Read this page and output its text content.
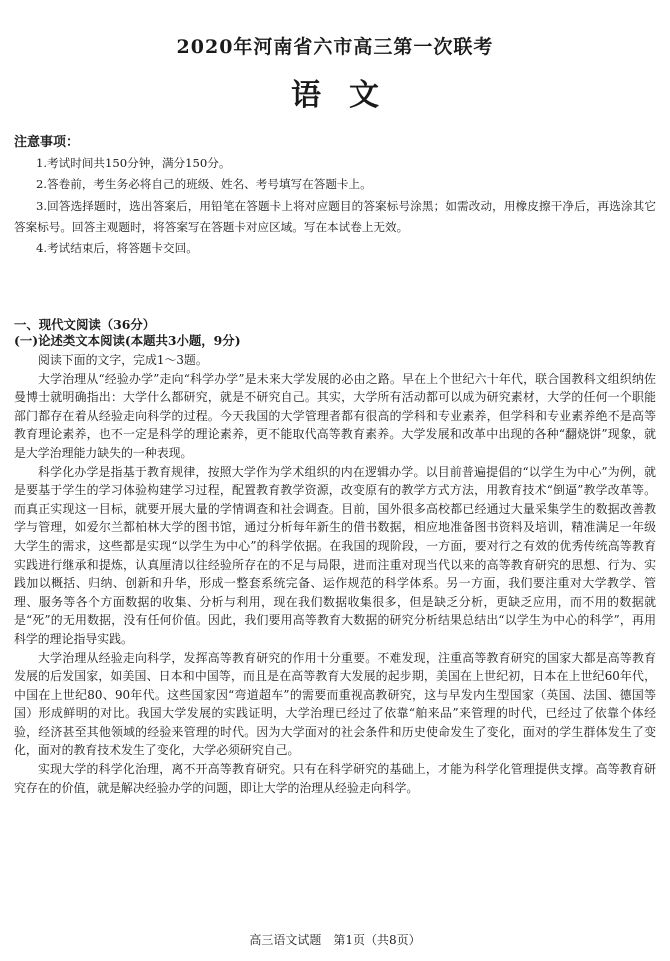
2020年河南省六市高三第一次联考
语文
注意事项：
1.考试时间共150分钟，满分150分。
2.答卷前，考生务必将自己的班级、姓名、考号填写在答题卡上。
3.回答选择题时，选出答案后，用铅笔在答题卡上将对应题目的答案标号涂黑；如需改动，用橡皮擦干净后，再选涂其它答案标号。回答主观题时，将答案写在答题卡对应区域。写在本试卷上无效。
4.考试结束后，将答题卡交回。
一、现代文阅读（36分）
(一)论述类文本阅读(本题共3小题，9分)

阅读下面的文字，完成1～3题。

大学治理从“经验办学”走向“科学办学”是未来大学发展的必由之路。早在上个世纪六十年代，联合国教科文组织纳佐曼博士就明确指出：大学什么都研究，就是不研究自己。其实，大学所有活动都可以成为研究素材，大学的任何一个职能部门都存在着从经验走向科学的过程。今天我国的大学管理者都有很高的学科和专业素养，但学科和专业素养绝不是高等教育理论素养，也不一定是科学的理论素养，更不能取代高等教育素养。大学发展和改革中出现的各种“翻烧饼”现象，就是大学治理能力缺失的一种表现。

科学化办学是指基于教育规律，按照大学作为学术组织的内在逻辑办学。以目前普遍提倡的“以学生为中心”为例，就是要基于学生的学习体验构建学习过程，配置教育教学资源，改变原有的教学方式方法，用教育技术“倒逼”教学改革等。而真正实现这一目标，就要开展大量的学情调查和社会调查。目前，国外很多高校都已经通过大量采集学生的数据改善教学与管理，如爱尔兰都柏林大学的图书馆，通过分析每年新生的借书数据，相应地准备图书资料及培训，精准满足一年级大学生的需求，这些都是实现“以学生为中心”的科学依据。在我国的现阶段，一方面，要对行之有效的优秀传统高等教育实践进行继承和提炼，认真厘清以往经验所存在的不足与局限，进而注重对现当代以来的高等教育研究的思想、行为、实践加以概括、归纳、创新和升华，形成一整套系统完备、运作规范的科学体系。另一方面，我们要注重对大学教学、管理、服务等各个方面数据的收集、分析与利用，现在我们数据收集很多，但是缺乏分析，更缺乏应用，而不用的数据就是“死”的无用数据，没有任何价值。因此，我们要用高等教育大数据的研究分析结果总结出“以学生为中心的科学”，再用科学的理论指导实践。

大学治理从经验走向科学，发挥高等教育研究的作用十分重要。不难发现，注重高等教育研究的国家大都是高等教育发展的后发国家，如美国、日本和中国等，而且是在高等教育大发展的起步期，美国在上世纪初，日本在上世纪60年代，中国在上世纪80、90年代。这些国家因“弯道超车”的需要而重视高教研究，这与早发内生型国家（英国、法国、德国等国）形成鲜明的对比。我国大学发展的实践证明，大学治理已经过了依靠“舶来品”来管理的时代，已经过了依靠个体经验，经济甚至其他领域的经验来管理的时代。因为大学面对的社会条件和历史使命发生了变化，面对的学生群体发生了变化，面对的教育技术发生了变化，大学必须研究自己。

实现大学的科学化治理，离不开高等教育研究。只有在科学研究的基础上，才能为科学化管理提供支撑。高等教育研究存在的价值，就是解决经验办学的问题，即让大学的治理从经验走向科学。

高三语文试题　第1页（共8页）
